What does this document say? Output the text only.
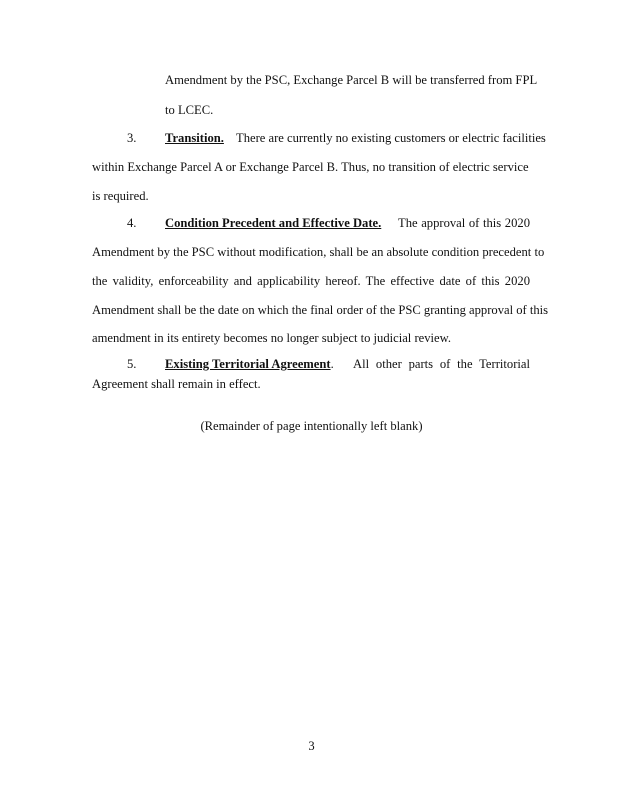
Amendment by the PSC, Exchange Parcel B will be transferred from FPL
to LCEC.
3. Transition. There are currently no existing customers or electric facilities
within Exchange Parcel A or Exchange Parcel B. Thus, no transition of electric service
is required.
4. Condition Precedent and Effective Date. The approval of this 2020
Amendment by the PSC without modification, shall be an absolute condition precedent to
the validity, enforceability and applicability hereof. The effective date of this 2020
Amendment shall be the date on which the final order of the PSC granting approval of this
amendment in its entirety becomes no longer subject to judicial review.
5. Existing Territorial Agreement. All other parts of the Territorial
Agreement shall remain in effect.
(Remainder of page intentionally left blank)
3
